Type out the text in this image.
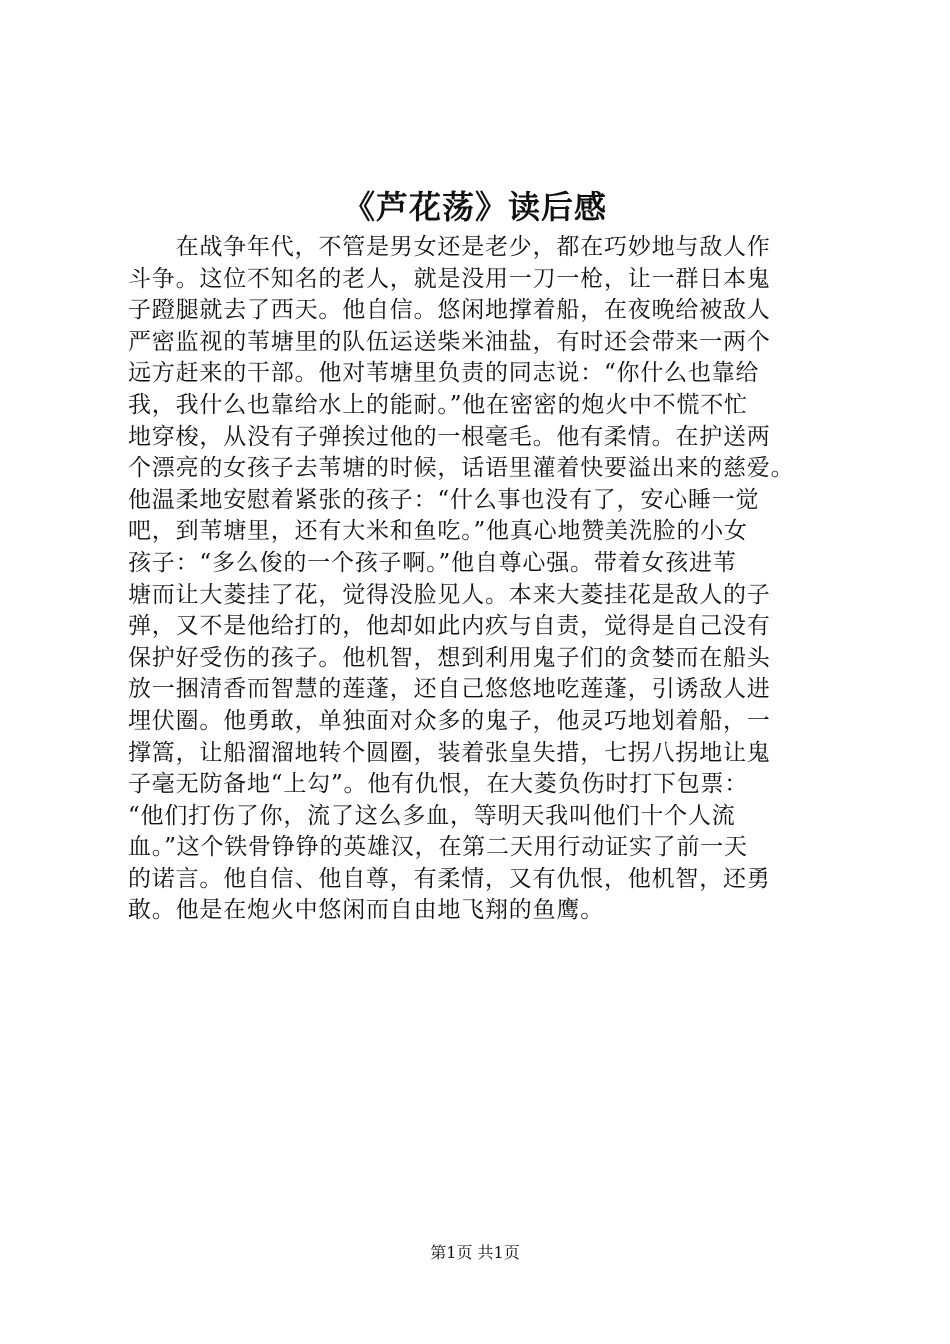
《芦花荡》读后感
　　在战争年代，不管是男女还是老少，都在巧妙地与敌人作
斗争。这位不知名的老人，就是没用一刀一枪，让一群日本鬼
子蹬腿就去了西天。他自信。悠闲地撑着船，在夜晚给被敌人
严密监视的苇塘里的队伍运送柴米油盐，有时还会带来一两个
远方赶来的干部。他对苇塘里负责的同志说：“你什么也靠给
我，我什么也靠给水上的能耐。”他在密密的炮火中不慌不忙
地穿梭，从没有子弹挨过他的一根毫毛。他有柔情。在护送两
个漂亮的女孩子去苇塘的时候，话语里灌着快要溢出来的慈爱。
他温柔地安慰着紧张的孩子：“什么事也没有了，安心睡一觉
吧，到苇塘里，还有大米和鱼吃。”他真心地赞美洗脸的小女
孩子：“多么俊的一个孩子啊。”他自尊心强。带着女孩进苇
塘而让大菱挂了花，觉得没脸见人。本来大菱挂花是敌人的子
弹，又不是他给打的，他却如此内疚与自责，觉得是自己没有
保护好受伤的孩子。他机智，想到利用鬼子们的贪婪而在船头
放一捆清香而智慧的莲蓬，还自己悠悠地吃莲蓬，引诱敌人进
埋伏圈。他勇敢，单独面对众多的鬼子，他灵巧地划着船，一
撑篙，让船溜溜地转个圆圈，装着张皇失措，七拐八拐地让鬼
子毫无防备地“上勾”。他有仇恨，在大菱负伤时打下包票：
“他们打伤了你，流了这么多血，等明天我叫他们十个人流
血。”这个铁骨铮铮的英雄汉，在第二天用行动证实了前一天
的诺言。他自信、他自尊，有柔情，又有仇恨，他机智，还勇
敢。他是在炮火中悠闲而自由地飞翔的鱼鹰。
第1页 共1页
